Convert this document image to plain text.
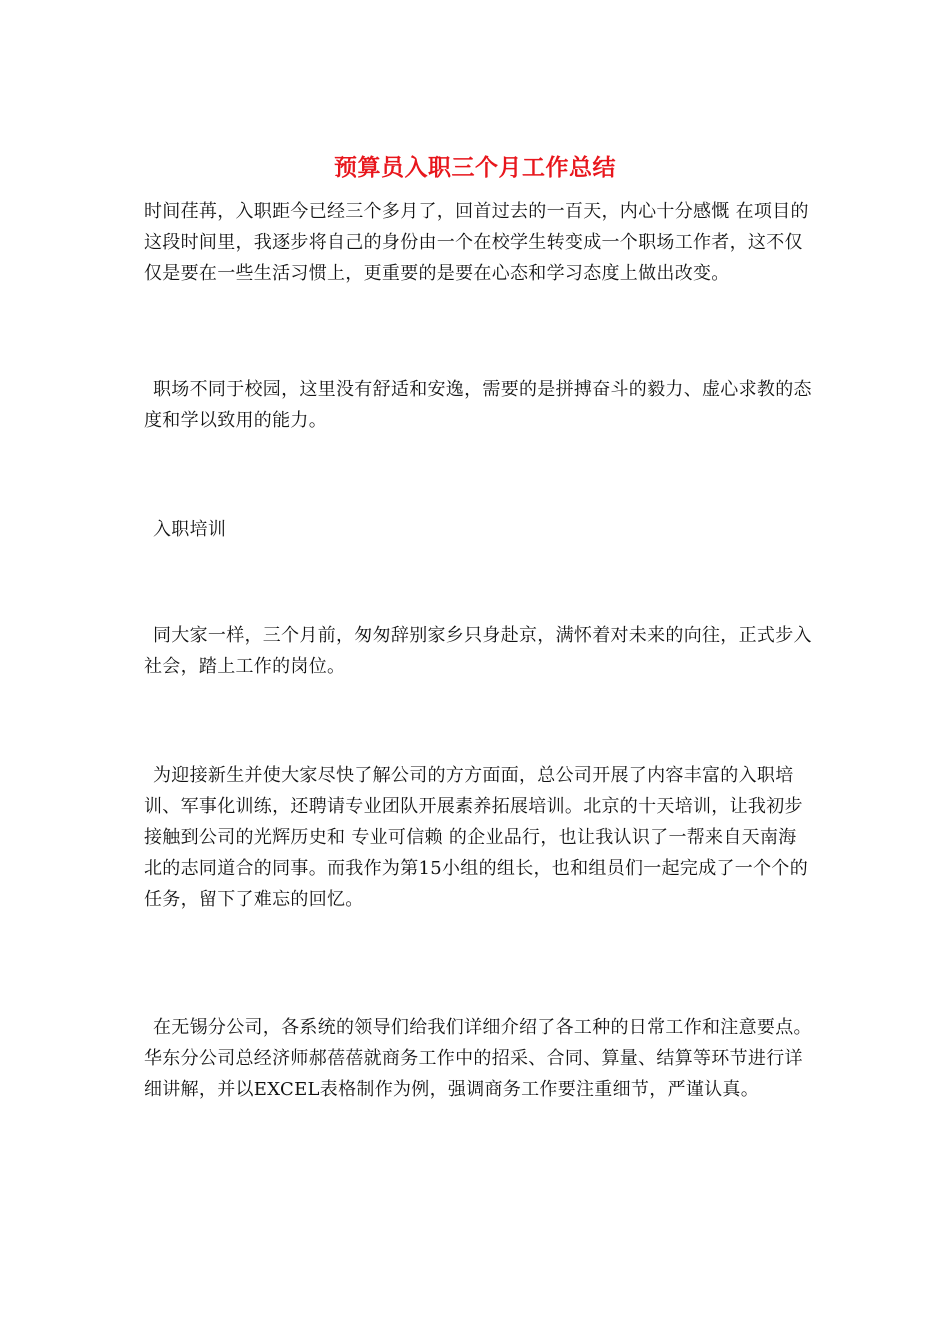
预算员入职三个月工作总结

时间荏苒，入职距今已经三个多月了，回首过去的一百天，内心十分感慨 在项目的这段时间里，我逐步将自己的身份由一个在校学生转变成一个职场工作者，这不仅仅是要在一些生活习惯上，更重要的是要在心态和学习态度上做出改变。

职场不同于校园，这里没有舒适和安逸，需要的是拼搏奋斗的毅力、虚心求教的态度和学以致用的能力。

入职培训

同大家一样，三个月前，匆匆辞别家乡只身赴京，满怀着对未来的向往，正式步入社会，踏上工作的岗位。

为迎接新生并使大家尽快了解公司的方方面面，总公司开展了内容丰富的入职培训、军事化训练，还聘请专业团队开展素养拓展培训。北京的十天培训，让我初步接触到公司的光辉历史和 专业可信赖 的企业品行，也让我认识了一帮来自天南海北的志同道合的同事。而我作为第15小组的组长，也和组员们一起完成了一个个的任务，留下了难忘的回忆。

在无锡分公司，各系统的领导们给我们详细介绍了各工种的日常工作和注意要点。华东分公司总经济师郝蓓蓓就商务工作中的招采、合同、算量、结算等环节进行详细讲解，并以EXCEL表格制作为例，强调商务工作要注重细节，严谨认真。
